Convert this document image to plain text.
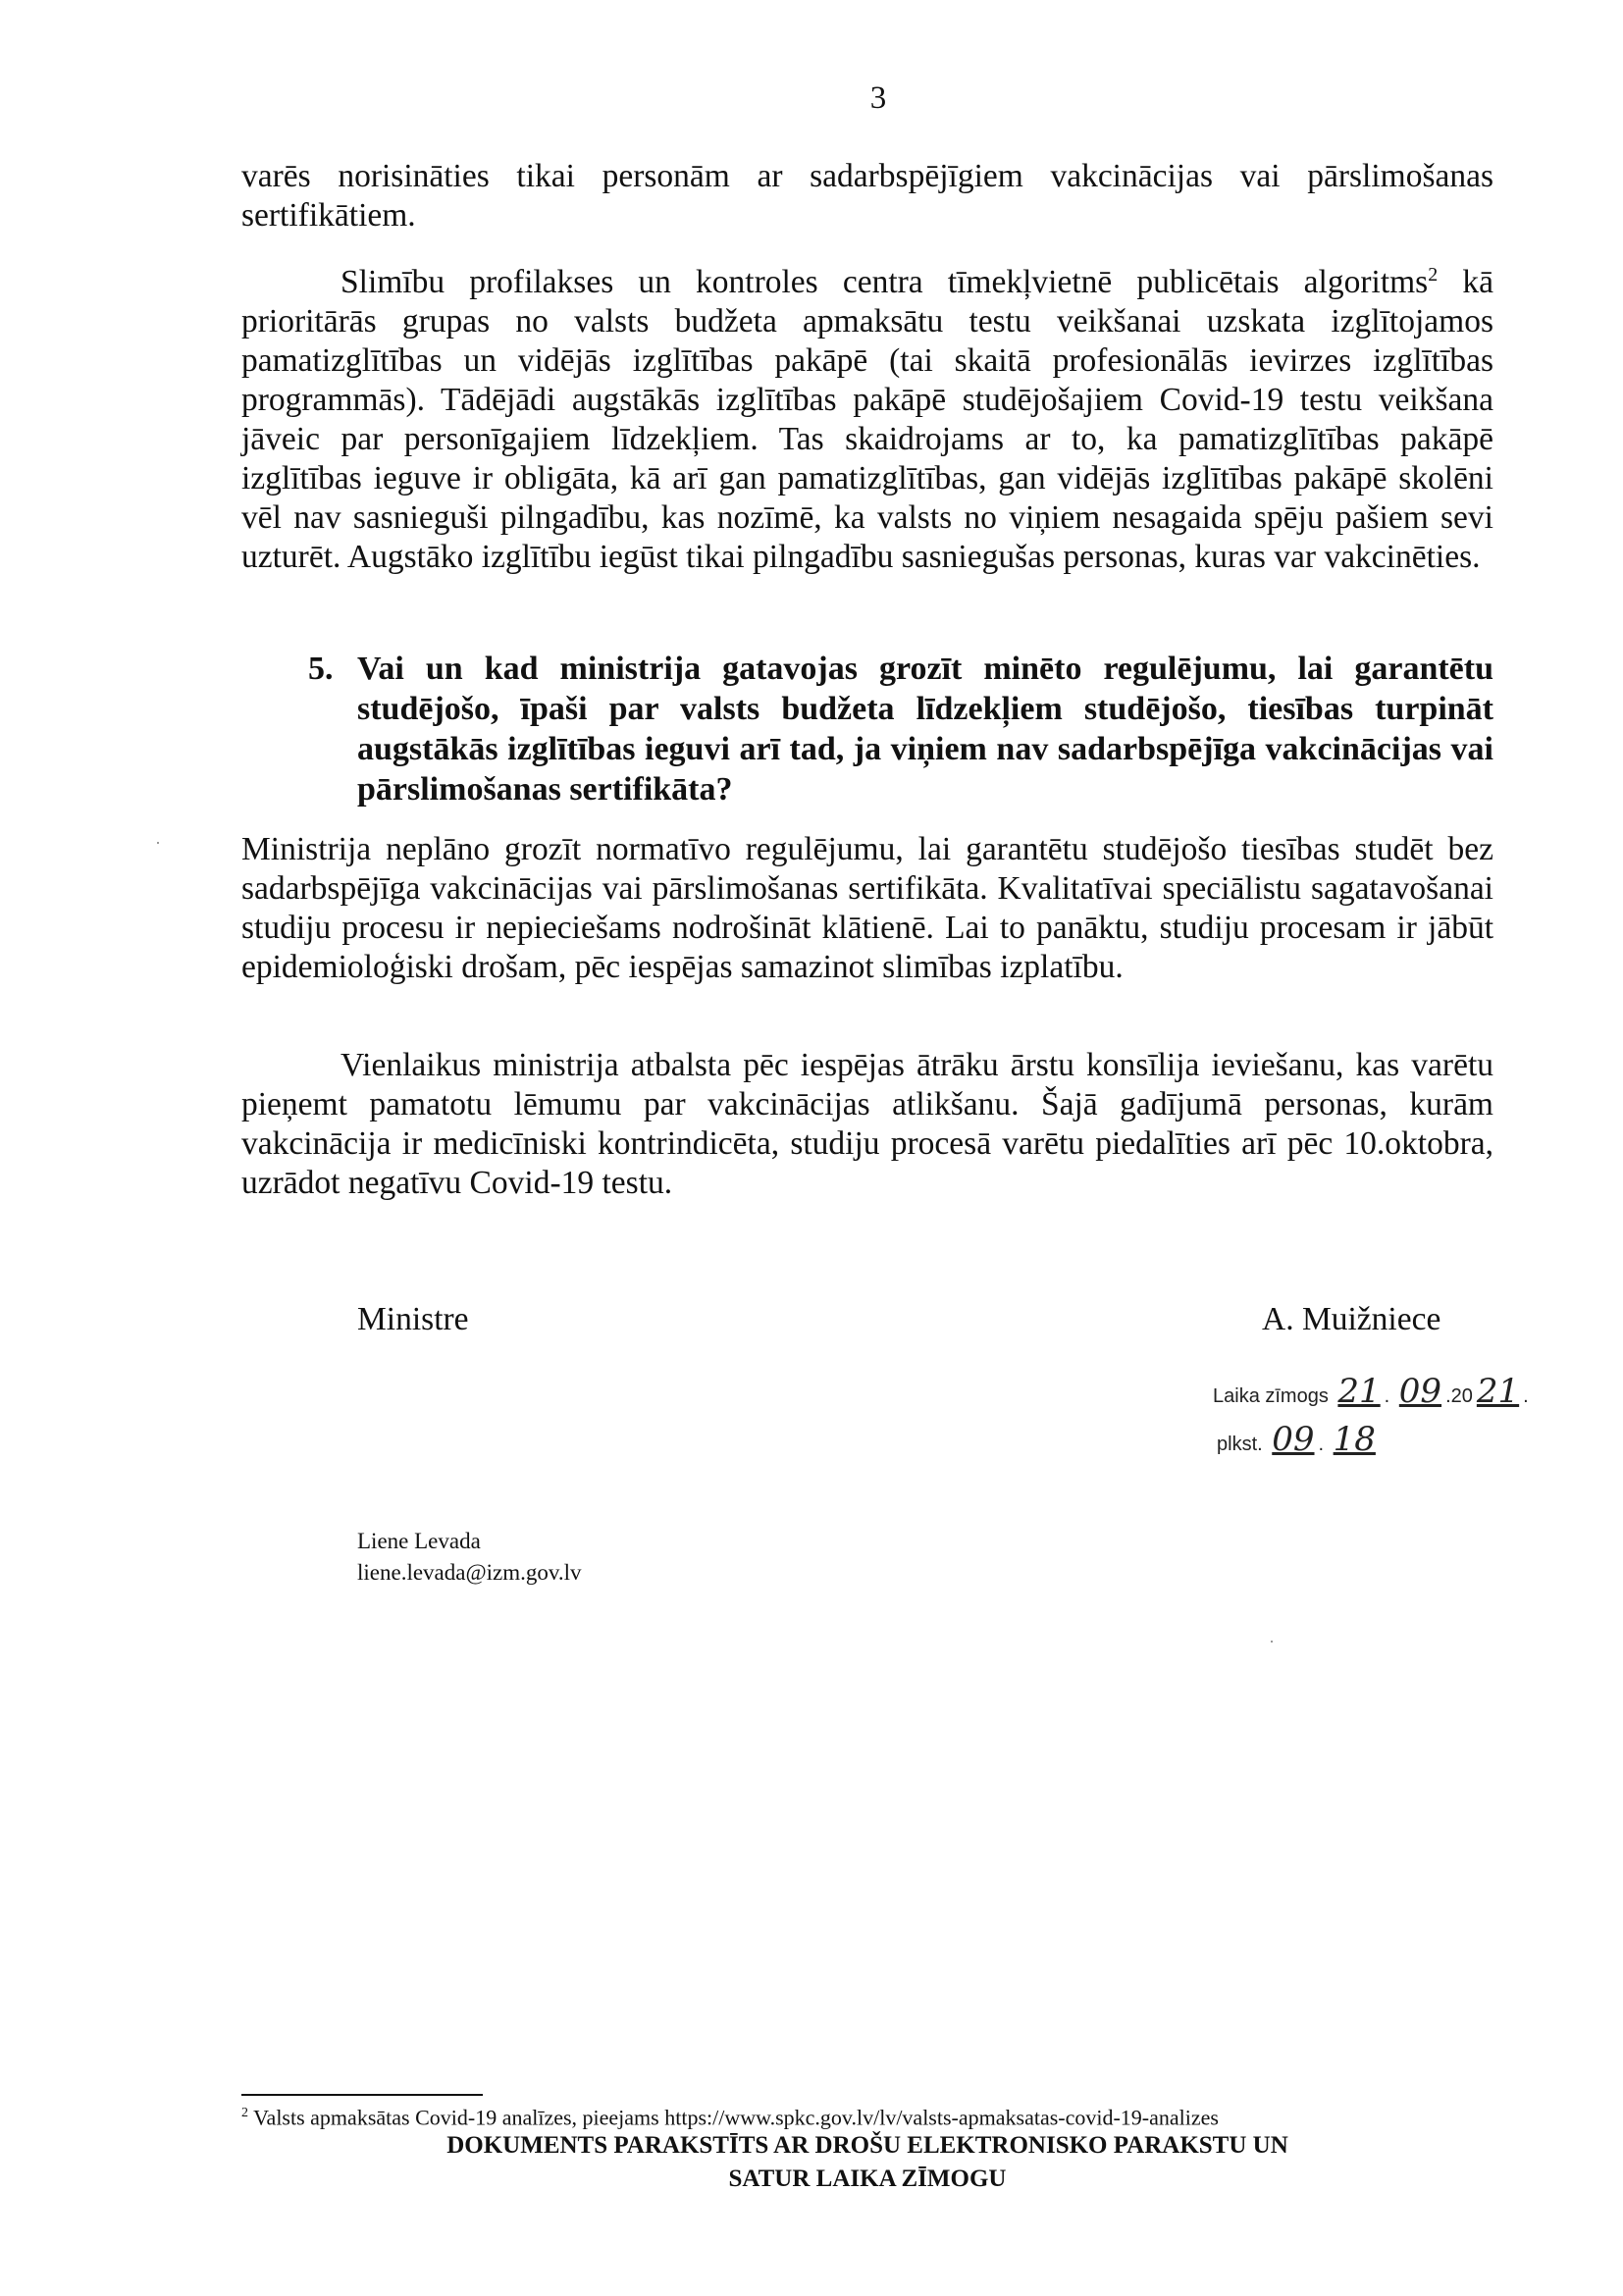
3

varēs norisināties tikai personām ar sadarbspējīgiem vakcinācijas vai pārslimošanas sertifikātiem.

Slimību profilakses un kontroles centra tīmekļvietnē publicētais algoritms$^2$ kā prioritārās grupas no valsts budžeta apmaksātu testu veikšanai uzskata izglītojamos pamatizglītības un vidējās izglītības pakāpē (tai skaitā profesionālās ievirzes izglītības programmās). Tādējādi augstākās izglītības pakāpē studējošajiem Covid-19 testu veikšana jāveic par personīgajiem līdzekļiem. Tas skaidrojams ar to, ka pamatizglītības pakāpē izglītības ieguve ir obligāta, kā arī gan pamatizglītības, gan vidējās izglītības pakāpē skolēni vēl nav sasnieguši pilngadību, kas nozīmē, ka valsts no viņiem nesagaida spēju pašiem sevi uzturēt. Augstāko izglītību iegūst tikai pilngadību sasniegušas personas, kuras var vakcinēties.

5. Vai un kad ministrija gatavojas grozīt minēto regulējumu, lai garantētu studējošo, īpaši par valsts budžeta līdzekļiem studējošo, tiesības turpināt augstākās izglītības ieguvi arī tad, ja viņiem nav sadarbspējīga vakcinācijas vai pārslimošanas sertifikāta?

Ministrija neplāno grozīt normatīvo regulējumu, lai garantētu studējošo tiesības studēt bez sadarbspējīga vakcinācijas vai pārslimošanas sertifikāta. Kvalitatīvai speciālistu sagatavošanai studiju procesu ir nepieciešams nodrošināt klātienē. Lai to panāktu, studiju procesam ir jābūt epidemioloģiski drošam, pēc iespējas samazinot slimības izplatību.

Vienlaikus ministrija atbalsta pēc iespējas ātrāku ārstu konsīlija ieviešanu, kas varētu pieņemt pamatotu lēmumu par vakcinācijas atlikšanu. Šajā gadījumā personas, kurām vakcinācija ir medicīniski kontrindicēta, studiju procesā varētu piedalīties arī pēc 10.oktobra, uzrādot negatīvu Covid-19 testu.

Ministre	A. Muižniece
Laika zīmogs 21 . 09 .20 21 .
plkst. 09 . 18
Liene Levada
liene.levada@izm.gov.lv
$^2$ Valsts apmaksātas Covid-19 analīzes, pieejams https://www.spkc.gov.lv/lv/valsts-apmaksatas-covid-19-analizes
DOKUMENTS PARAKSTĪTS AR DROŠU ELEKTRONISKO PARAKSTU UN
SATUR LAIKA ZĪMOGU
